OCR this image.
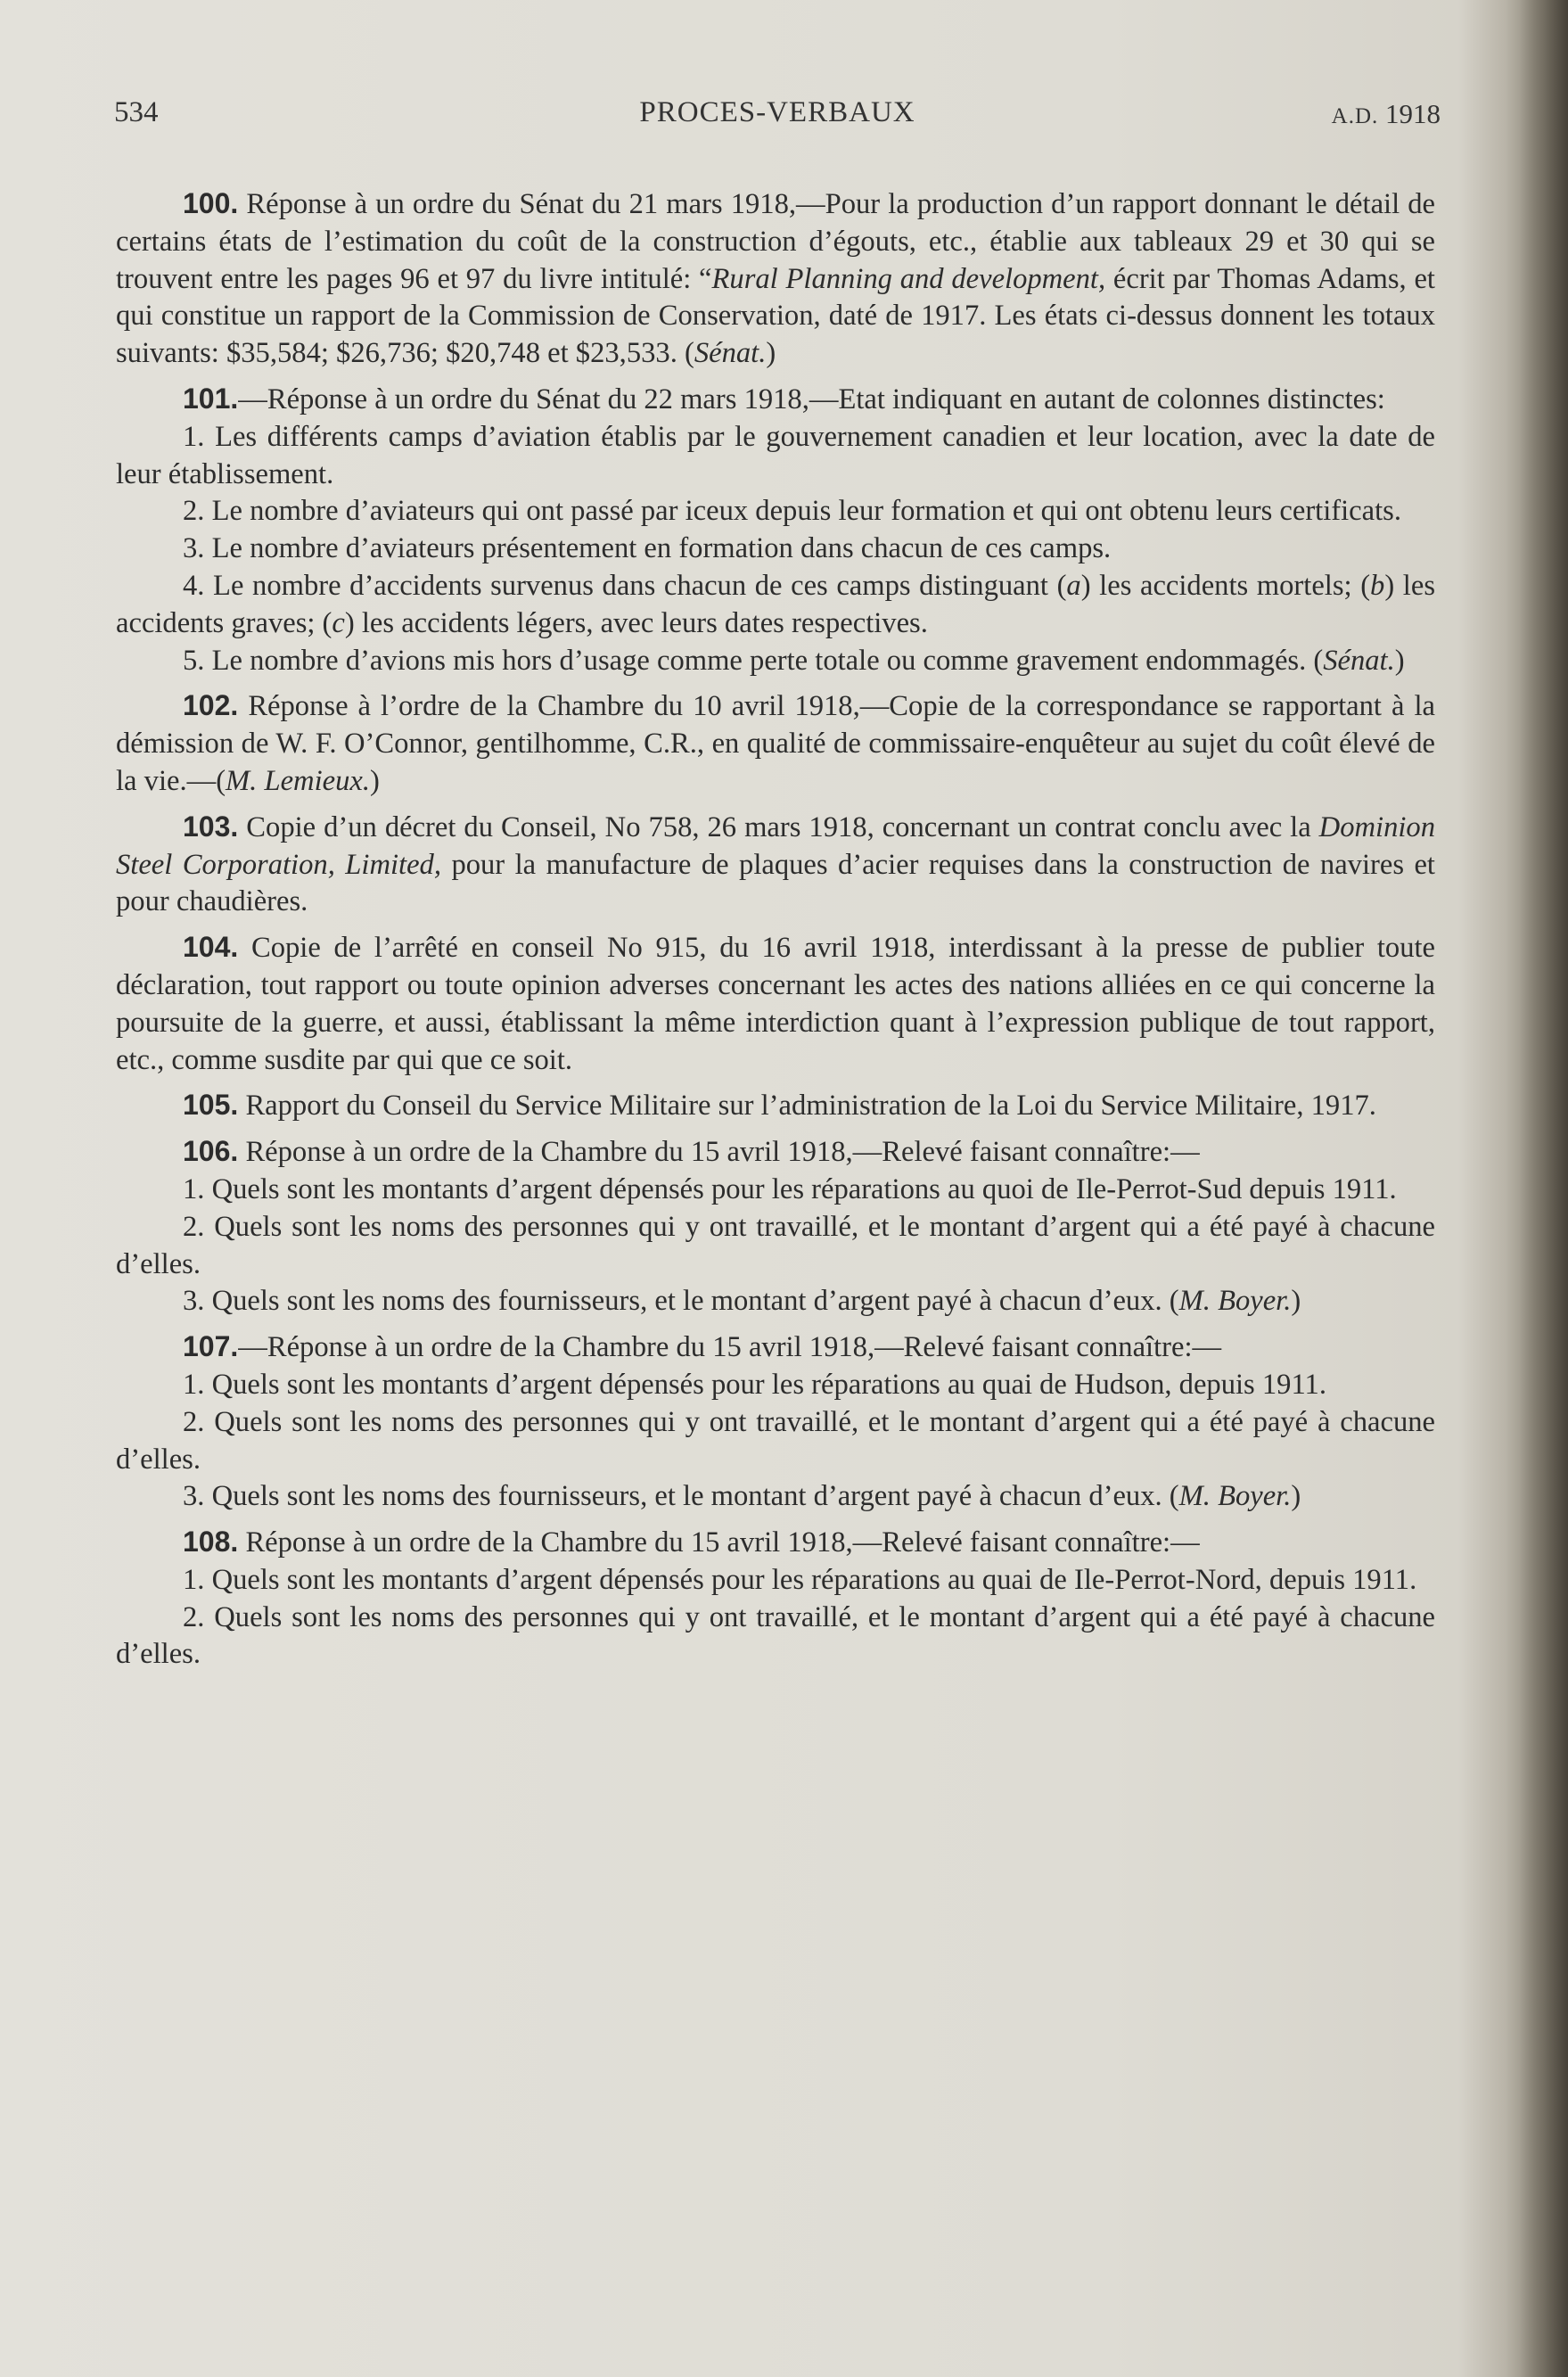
534	PROCES-VERBAUX	A.D. 1918

100. Réponse à un ordre du Sénat du 21 mars 1918,—Pour la production d’un rapport donnant le détail de certains états de l’estimation du coût de la construction d’égouts, etc., établie aux tableaux 29 et 30 qui se trouvent entre les pages 96 et 97 du livre intitulé: “Rural Planning and development, écrit par Thomas Adams, et qui constitue un rapport de la Commission de Conservation, daté de 1917. Les états ci-dessus donnent les totaux suivants: $35,584; $26,736; $20,748 et $23,533. (Sénat.)

101.—Réponse à un ordre du Sénat du 22 mars 1918,—Etat indiquant en autant de colonnes distinctes:

1. Les différents camps d’aviation établis par le gouvernement canadien et leur location, avec la date de leur établissement.

2. Le nombre d’aviateurs qui ont passé par iceux depuis leur formation et qui ont obtenu leurs certificats.

3. Le nombre d’aviateurs présentement en formation dans chacun de ces camps.

4. Le nombre d’accidents survenus dans chacun de ces camps distinguant (a) les accidents mortels; (b) les accidents graves; (c) les accidents légers, avec leurs dates respectives.

5. Le nombre d’avions mis hors d’usage comme perte totale ou comme gravement endommagés. (Sénat.)

102. Réponse à l’ordre de la Chambre du 10 avril 1918,—Copie de la correspondance se rapportant à la démission de W. F. O’Connor, gentilhomme, C.R., en qualité de commissaire-enquêteur au sujet du coût élevé de la vie.—(M. Lemieux.)

103. Copie d’un décret du Conseil, No 758, 26 mars 1918, concernant un contrat conclu avec la Dominion Steel Corporation, Limited, pour la manufacture de plaques d’acier requises dans la construction de navires et pour chaudières.

104. Copie de l’arrêté en conseil No 915, du 16 avril 1918, interdissant à la presse de publier toute déclaration, tout rapport ou toute opinion adverses concernant les actes des nations alliées en ce qui concerne la poursuite de la guerre, et aussi, établissant la même interdiction quant à l’expression publique de tout rapport, etc., comme susdite par qui que ce soit.

105. Rapport du Conseil du Service Militaire sur l’administration de la Loi du Service Militaire, 1917.

106. Réponse à un ordre de la Chambre du 15 avril 1918,—Relevé faisant connaître:—

1. Quels sont les montants d’argent dépensés pour les réparations au quoi de Ile-Perrot-Sud depuis 1911.

2. Quels sont les noms des personnes qui y ont travaillé, et le montant d’argent qui a été payé à chacune d’elles.

3. Quels sont les noms des fournisseurs, et le montant d’argent payé à chacun d’eux. (M. Boyer.)

107.—Réponse à un ordre de la Chambre du 15 avril 1918,—Relevé faisant connaître:—

1. Quels sont les montants d’argent dépensés pour les réparations au quai de Hudson, depuis 1911.

2. Quels sont les noms des personnes qui y ont travaillé, et le montant d’argent qui a été payé à chacune d’elles.

3. Quels sont les noms des fournisseurs, et le montant d’argent payé à chacun d’eux. (M. Boyer.)

108. Réponse à un ordre de la Chambre du 15 avril 1918,—Relevé faisant connaître:—

1. Quels sont les montants d’argent dépensés pour les réparations au quai de Ile-Perrot-Nord, depuis 1911.

2. Quels sont les noms des personnes qui y ont travaillé, et le montant d’argent qui a été payé à chacune d’elles.
